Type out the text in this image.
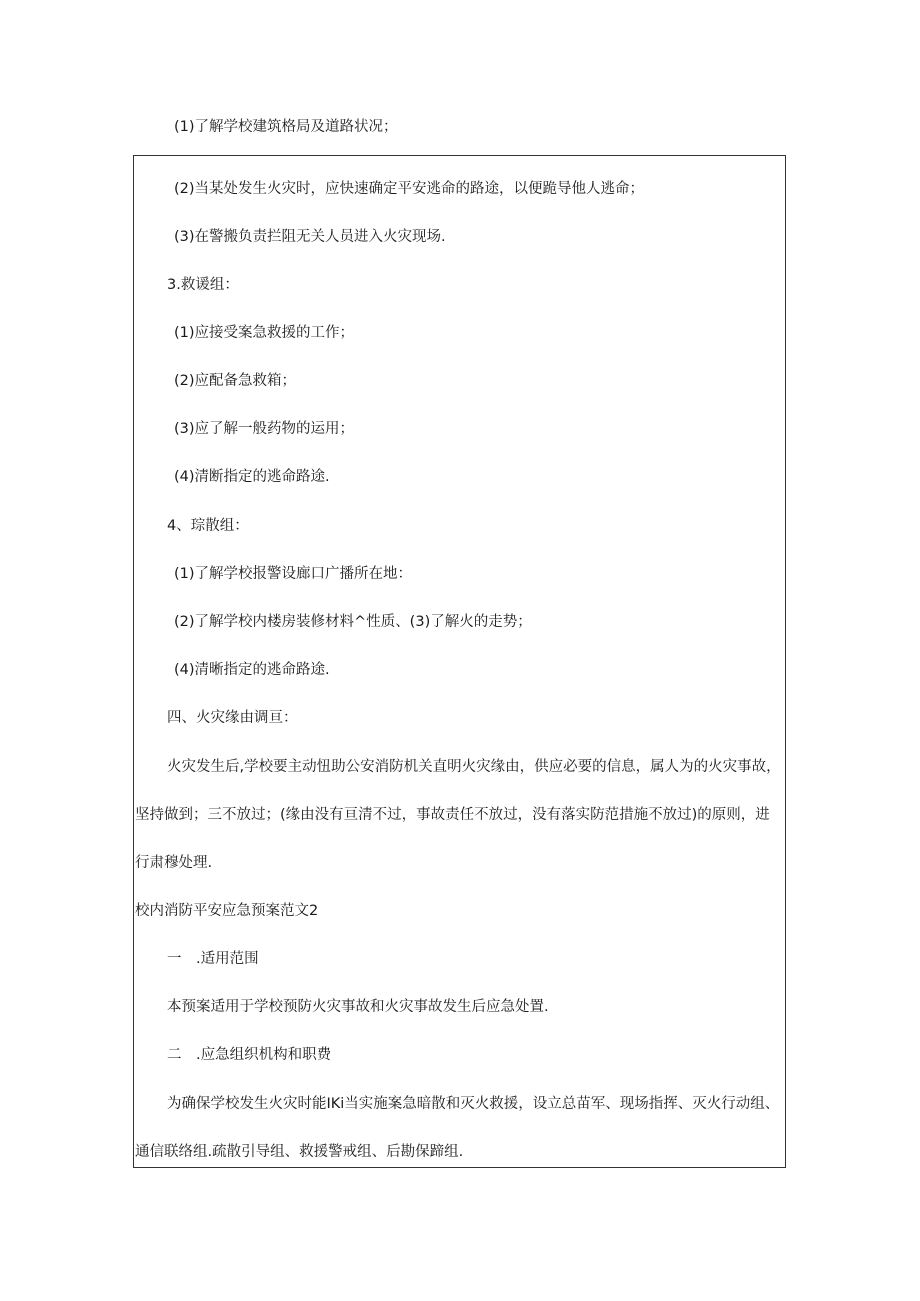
(1)了解学校建筑格局及道路状况；
(2)当某处发生火灾时，应快速确定平安逃命的路途，以便跪导他人逃命；
(3)在警搬负责拦阻无关人员进入火灾现场.
3.救谖组：
(1)应接受案急救援的工作；
(2)应配备急救箱；
(3)应了解一般药物的运用；
(4)清断指定的逃命路途.
4、琮散组：
(1)了解学校报警设廊口广播所在地：
(2)了解学校内楼房装修材料^性质、(3)了解火的走势；
(4)清晰指定的逃命路途.
四、火灾缘由调亘：
火灾发生后,学校要主动忸助公安消防机关直明火灾缘由，供应必要的信息，属人为的火灾事故，
坚持做到；三不放过；(缘由没有亘清不过，事故责任不放过，没有落实防范措施不放过)的原则，进
行肃穆处理.
校内消防平安应急预案范文2
一　.适用范围
本预案适用于学校预防火灾事故和火灾事故发生后应急处置.
二　.应急组织机构和职费
为确保学校发生火灾时能IKi当实施案急暗散和灭火救援，设立总苗军、现场指挥、灭火行动组、
通信联络组.疏散引导组、救援警戒组、后勘保蹄组.
